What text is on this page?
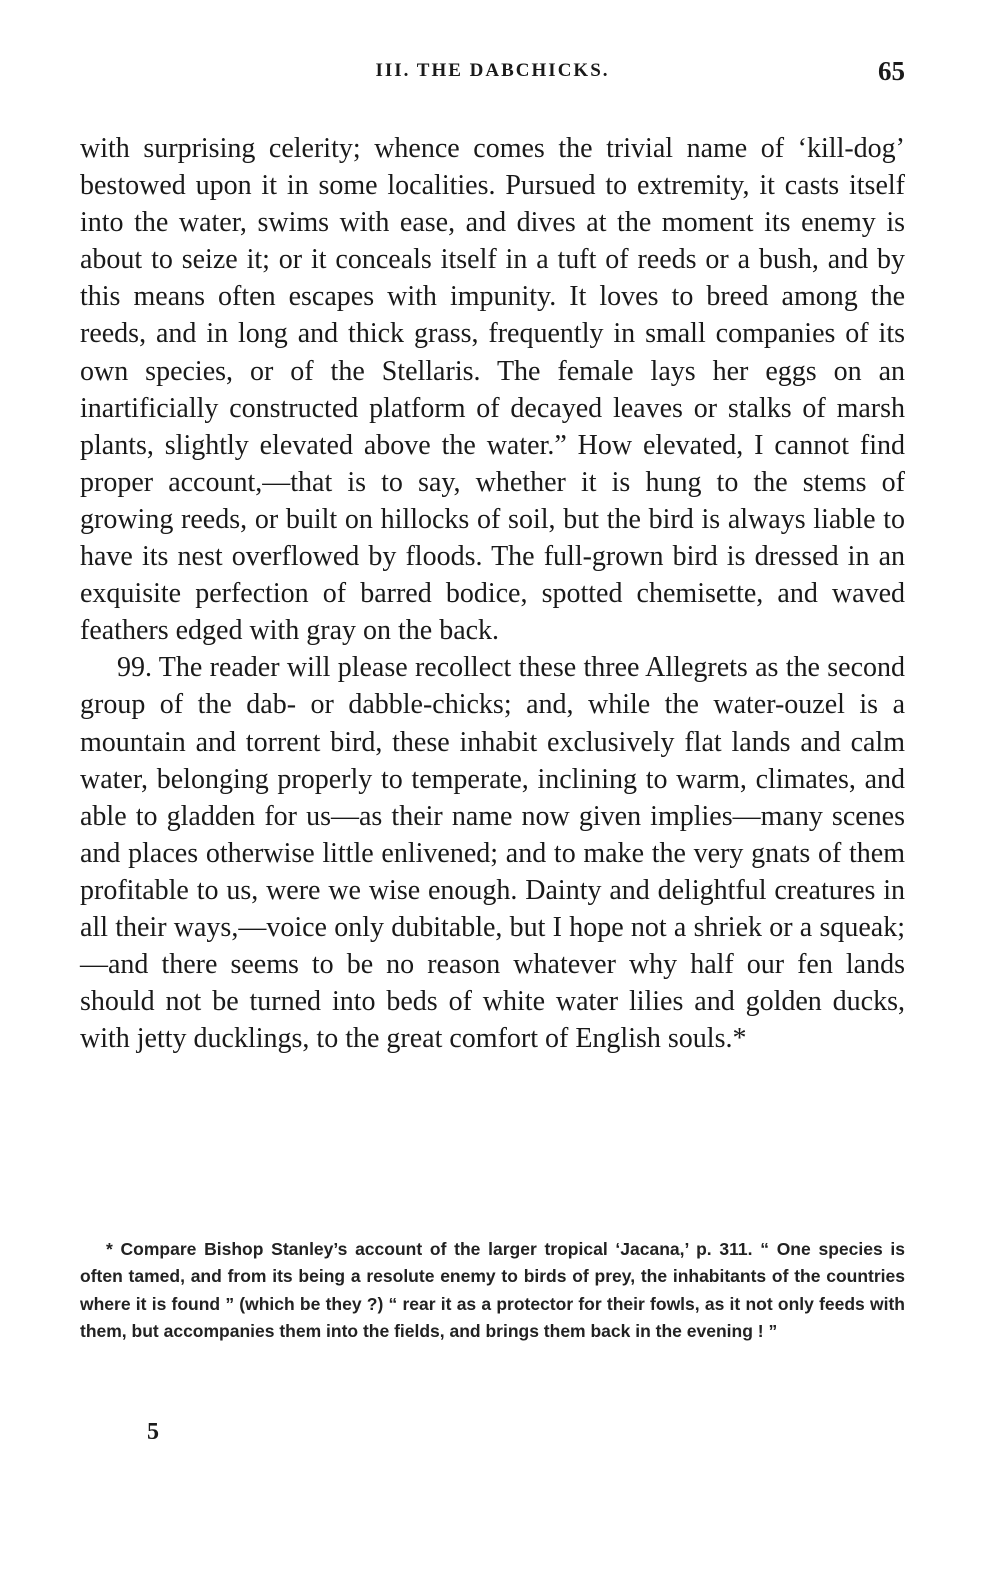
III. THE DABCHICKS.	65

with surprising celerity; whence comes the trivial name of ‘kill-dog’ bestowed upon it in some localities. Pursued to extremity, it casts itself into the water, swims with ease, and dives at the moment its enemy is about to seize it; or it conceals itself in a tuft of reeds or a bush, and by this means often escapes with impunity. It loves to breed among the reeds, and in long and thick grass, frequently in small companies of its own species, or of the Stellaris. The female lays her eggs on an inartificially constructed platform of decayed leaves or stalks of marsh plants, slightly elevated above the water.” How elevated, I cannot find proper account,—that is to say, whether it is hung to the stems of growing reeds, or built on hillocks of soil, but the bird is always liable to have its nest overflowed by floods. The full-grown bird is dressed in an exquisite perfection of barred bodice, spotted chemisette, and waved feathers edged with gray on the back.

99. The reader will please recollect these three Allegrets as the second group of the dab- or dabble-chicks; and, while the water-ouzel is a mountain and torrent bird, these inhabit exclusively flat lands and calm water, belonging properly to temperate, inclining to warm, climates, and able to gladden for us—as their name now given implies—many scenes and places otherwise little enlivened; and to make the very gnats of them profitable to us, were we wise enough. Dainty and delightful creatures in all their ways,—voice only dubitable, but I hope not a shriek or a squeak;—and there seems to be no reason whatever why half our fen lands should not be turned into beds of white water lilies and golden ducks, with jetty ducklings, to the great comfort of English souls.*

* Compare Bishop Stanley’s account of the larger tropical ‘Jacana,’ p. 311. “ One species is often tamed, and from its being a resolute enemy to birds of prey, the inhabitants of the countries where it is found ” (which be they ?) “ rear it as a protector for their fowls, as it not only feeds with them, but accompanies them into the fields, and brings them back in the evening ! ”

5
